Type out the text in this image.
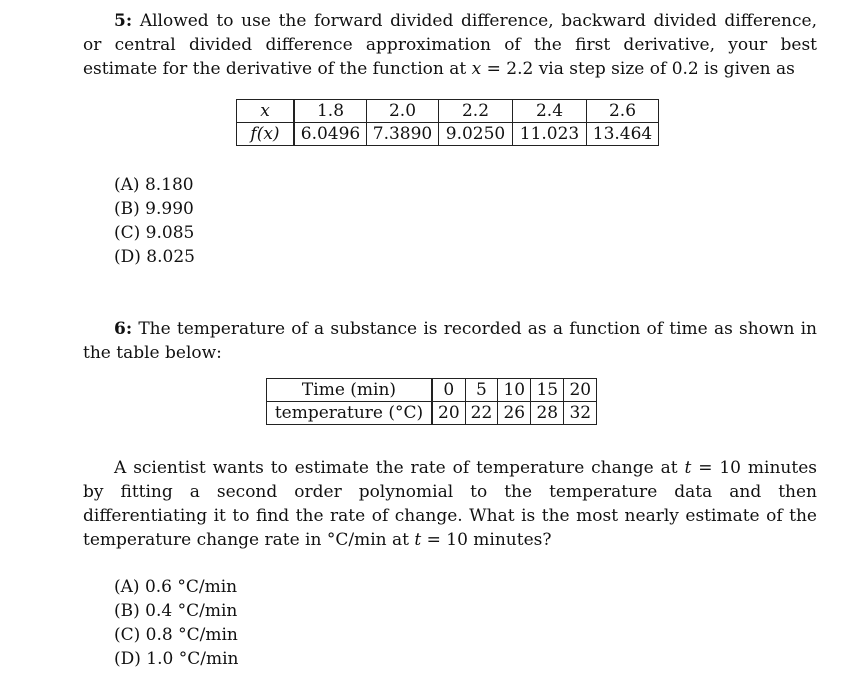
5: Allowed to use the forward divided difference, backward divided difference, or central divided difference approximation of the first derivative, your best estimate for the derivative of the function at x = 2.2 via step size of 0.2 is given as

x	1.8	2.0	2.2	2.4	2.6
f(x)	6.0496	7.3890	9.0250	11.023	13.464
(A) 8.180
(B) 9.990
(C) 9.085
(D) 8.025

6: The temperature of a substance is recorded as a function of time as shown in the table below:

Time (min)	0	5	10	15	20
temperature (°C)	20	22	26	28	32

A scientist wants to estimate the rate of temperature change at t = 10 minutes by fitting a second order polynomial to the temperature data and then differentiating it to find the rate of change. What is the most nearly estimate of the temperature change rate in °C/min at t = 10 minutes?

(A) 0.6 °C/min
(B) 0.4 °C/min
(C) 0.8 °C/min
(D) 1.0 °C/min
